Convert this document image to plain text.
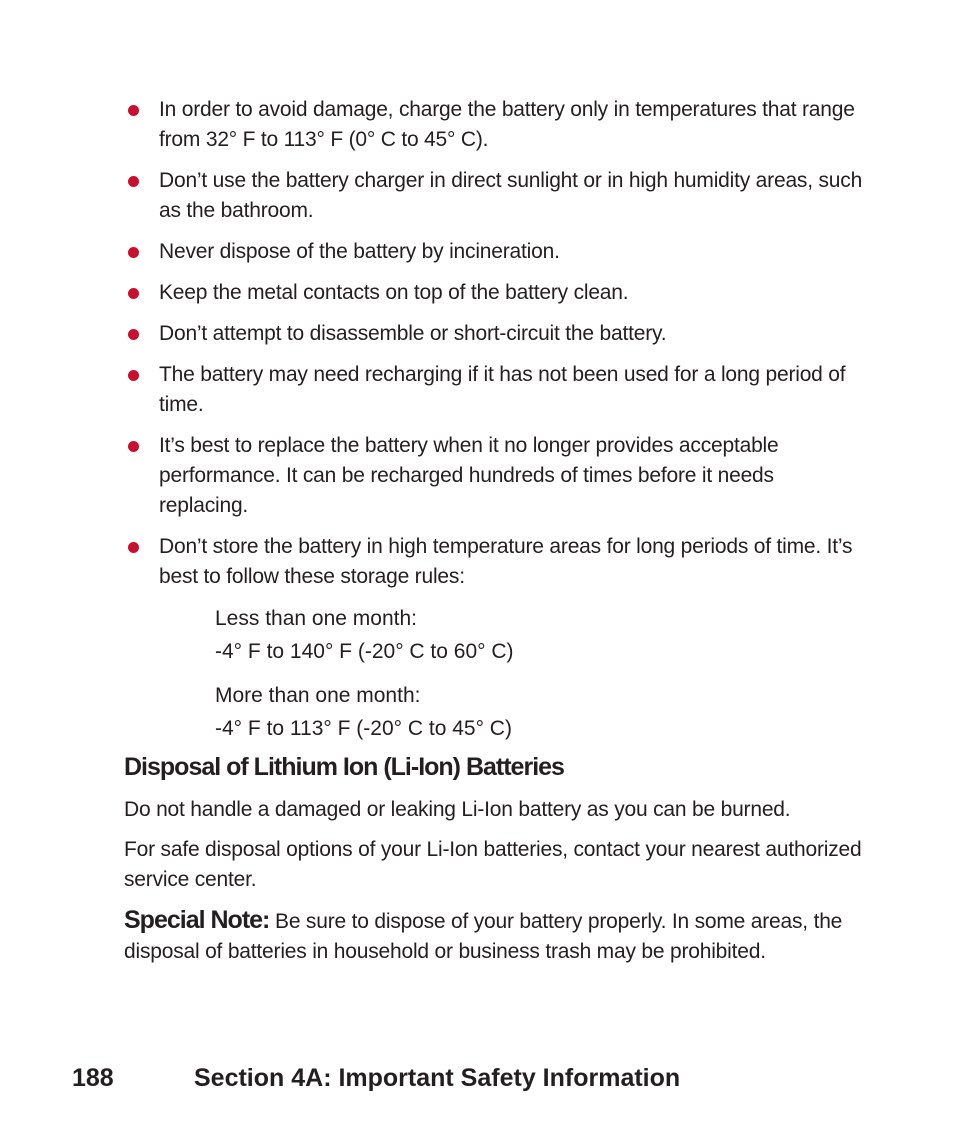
In order to avoid damage, charge the battery only in temperatures that range from 32° F to 113° F (0° C to 45° C).
Don’t use the battery charger in direct sunlight or in high humidity areas, such as the bathroom.
Never dispose of the battery by incineration.
Keep the metal contacts on top of the battery clean.
Don’t attempt to disassemble or short-circuit the battery.
The battery may need recharging if it has not been used for a long period of time.
It’s best to replace the battery when it no longer provides acceptable performance. It can be recharged hundreds of times before it needs replacing.
Don’t store the battery in high temperature areas for long periods of time. It’s best to follow these storage rules:
Less than one month:
-4° F to 140° F (-20° C to 60° C)
More than one month:
-4° F to 113° F (-20° C to 45° C)
Disposal of Lithium Ion (Li-Ion) Batteries

Do not handle a damaged or leaking Li-Ion battery as you can be burned.

For safe disposal options of your Li-Ion batteries, contact your nearest authorized service center.

Special Note: Be sure to dispose of your battery properly. In some areas, the disposal of batteries in household or business trash may be prohibited.

188	Section 4A: Important Safety Information
